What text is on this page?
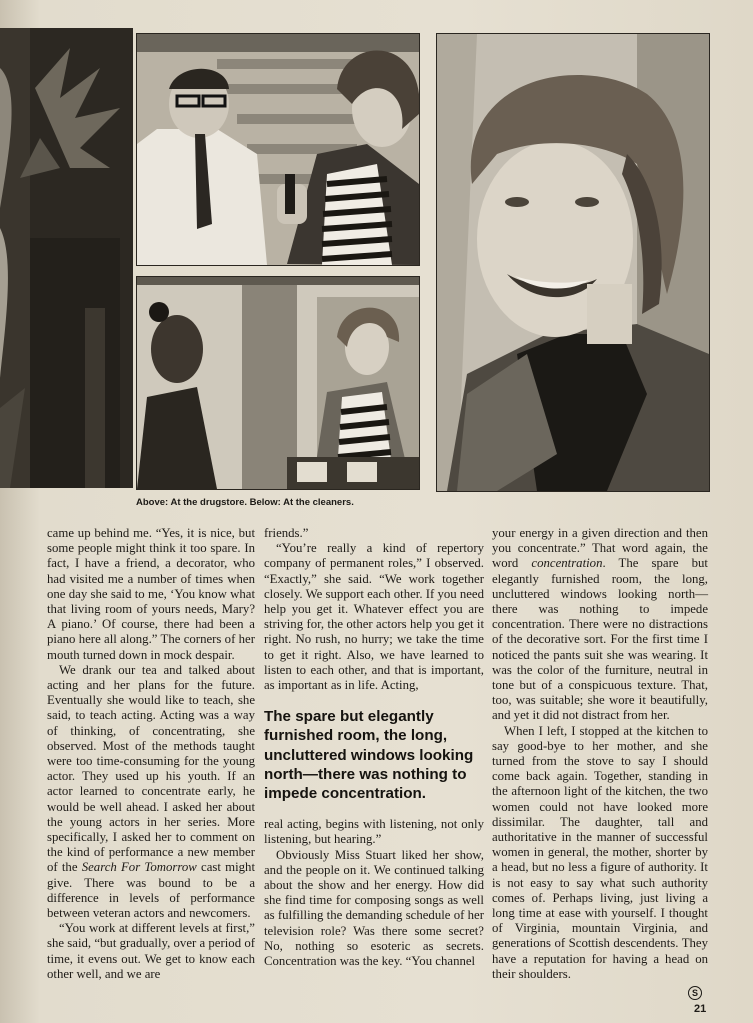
Above: At the drugstore. Below: At the cleaners.

came up behind me. “Yes, it is nice, but some people might think it too spare. In fact, I have a friend, a decorator, who had visited me a number of times when one day she said to me, ‘You know what that living room of yours needs, Mary? A piano.’ Of course, there had been a piano here all along.” The corners of her mouth turned down in mock despair.

We drank our tea and talked about acting and her plans for the future. Eventually she would like to teach, she said, to teach acting. Acting was a way of thinking, of concentrating, she observed. Most of the methods taught were too time-consuming for the young actor. They used up his youth. If an actor learned to concentrate early, he would be well ahead. I asked her about the young actors in her series. More specifically, I asked her to comment on the kind of performance a new member of the Search For Tomorrow cast might give. There was bound to be a difference in levels of performance between veteran actors and newcomers.

“You work at different levels at first,” she said, “but gradually, over a period of time, it evens out. We get to know each other well, and we are

friends.”

“You’re really a kind of repertory company of permanent roles,” I observed. “Exactly,” she said. “We work together closely. We support each other. If you need help you get it. Whatever effect you are striving for, the other actors help you get it right. No rush, no hurry; we take the time to get it right. Also, we have learned to listen to each other, and that is important, as important as in life. Acting,

The spare but elegantly furnished room, the long, uncluttered windows looking north—there was nothing to impede concentration.

real acting, begins with listening, not only listening, but hearing.”

Obviously Miss Stuart liked her show, and the people on it. We continued talking about the show and her energy. How did she find time for composing songs as well as fulfilling the demanding schedule of her television role? Was there some secret? No, nothing so esoteric as secrets. Concentration was the key. “You channel

your energy in a given direction and then you concentrate.” That word again, the word concentration. The spare but elegantly furnished room, the long, uncluttered windows looking north—there was nothing to impede concentration. There were no distractions of the decorative sort. For the first time I noticed the pants suit she was wearing. It was the color of the furniture, neutral in tone but of a conspicuous texture. That, too, was suitable; she wore it beautifully, and yet it did not distract from her.

When I left, I stopped at the kitchen to say good-bye to her mother, and she turned from the stove to say I should come back again. Together, standing in the afternoon light of the kitchen, the two women could not have looked more dissimilar. The daughter, tall and authoritative in the manner of successful women in general, the mother, shorter by a head, but no less a figure of authority. It is not easy to say what such authority comes of. Perhaps living, just living a long time at ease with yourself. I thought of Virginia, mountain Virginia, and generations of Scottish descendents. They have a reputation for having a head on their shoulders.

S
21
